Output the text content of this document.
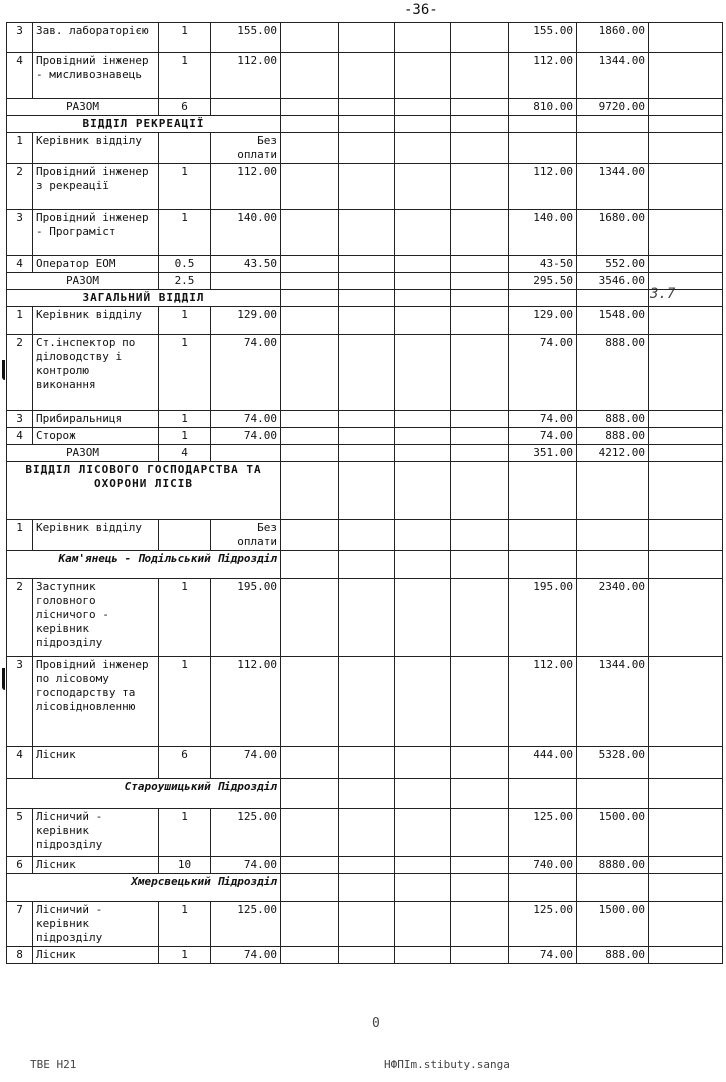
-36-
3.7
3	Зав. лабораторією	1	155.00					155.00	1860.00	
4	Провідний інженер - мисливознавець	1	112.00					112.00	1344.00	
РАЗОМ		6						810.00	9720.00	
ВІДДІЛ РЕКРЕАЦІЇ										
1	Керівник відділу		Без оплати							
2	Провідний інженер з рекреації	1	112.00					112.00	1344.00	
3	Провідний інженер - Програміст	1	140.00					140.00	1680.00	
4	Оператор ЕОМ	0.5	43.50					43-50	552.00	
РАЗОМ		2.5						295.50	3546.00	
ЗАГАЛЬНИЙ ВІДДІЛ										
1	Керівник відділу	1	129.00					129.00	1548.00	
2	Ст.інспектор по діловодству і контролю виконання	1	74.00					74.00	888.00	
3	Прибиральниця	1	74.00					74.00	888.00	
4	Сторож	1	74.00					74.00	888.00	
РАЗОМ		4						351.00	4212.00	
ВІДДІЛ ЛІСОВОГО ГОСПОДАРСТВА ТА ОХОРОНИ ЛІСІВ										
1	Керівник відділу		Без оплати							
Кам'янець - Подільський Підрозділ										
2	Заступник головного лісничого - керівник підрозділу	1	195.00					195.00	2340.00	
3	Провідний інженер по лісовому господарству та лісовідновленню	1	112.00					112.00	1344.00	
4	Лісник	6	74.00					444.00	5328.00	
Староушицький Підрозділ										
5	Лісничий - керівник підрозділу	1	125.00					125.00	1500.00	
6	Лісник	10	74.00					740.00	8880.00	
Хмерсвецький Підрозділ										
7	Лісничий - керівник підрозділу	1	125.00					125.00	1500.00	
8	Лісник	1	74.00					74.00	888.00	
0
TBE H21	НФПIm.stibuty.sanga
